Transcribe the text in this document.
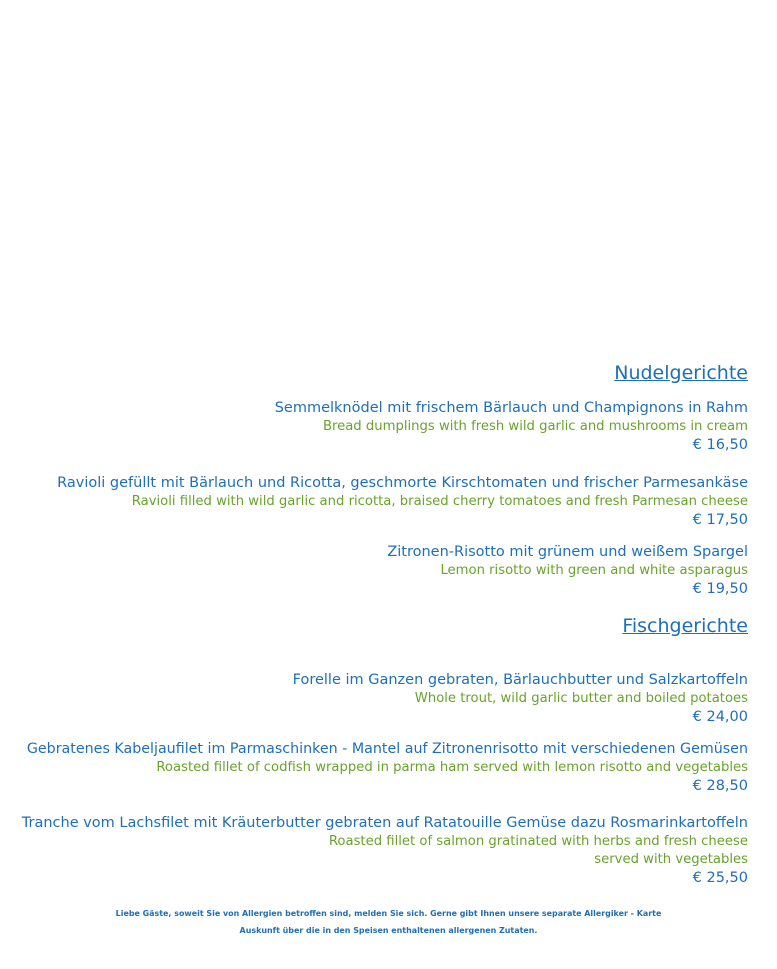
Nudelgerichte
Semmelknödel mit frischem Bärlauch und Champignons in Rahm
Bread dumplings with fresh wild garlic and mushrooms in cream
€ 16,50
Ravioli gefüllt mit Bärlauch und Ricotta, geschmorte Kirschtomaten und frischer Parmesankäse
Ravioli filled with wild garlic and ricotta, braised cherry tomatoes and fresh Parmesan cheese
€ 17,50
Zitronen-Risotto mit grünem und weißem Spargel
Lemon risotto with green and white asparagus
€ 19,50
Fischgerichte
Forelle im Ganzen gebraten, Bärlauchbutter und Salzkartoffeln
Whole trout, wild garlic butter and boiled potatoes
€ 24,00
Gebratenes Kabeljaufilet im Parmaschinken - Mantel auf Zitronenrisotto mit verschiedenen Gemüsen
Roasted fillet of codfish wrapped in parma ham served with lemon risotto and vegetables
€ 28,50
Tranche vom Lachsfilet mit Kräuterbutter gebraten auf Ratatouille Gemüse dazu Rosmarinkartoffeln
Roasted fillet of salmon gratinated with herbs and fresh cheese
served with vegetables
€ 25,50
Liebe Gäste, soweit Sie von Allergien betroffen sind, melden Sie sich. Gerne gibt Ihnen unsere separate Allergiker - Karte
Auskunft über die in den Speisen enthaltenen allergenen Zutaten.
